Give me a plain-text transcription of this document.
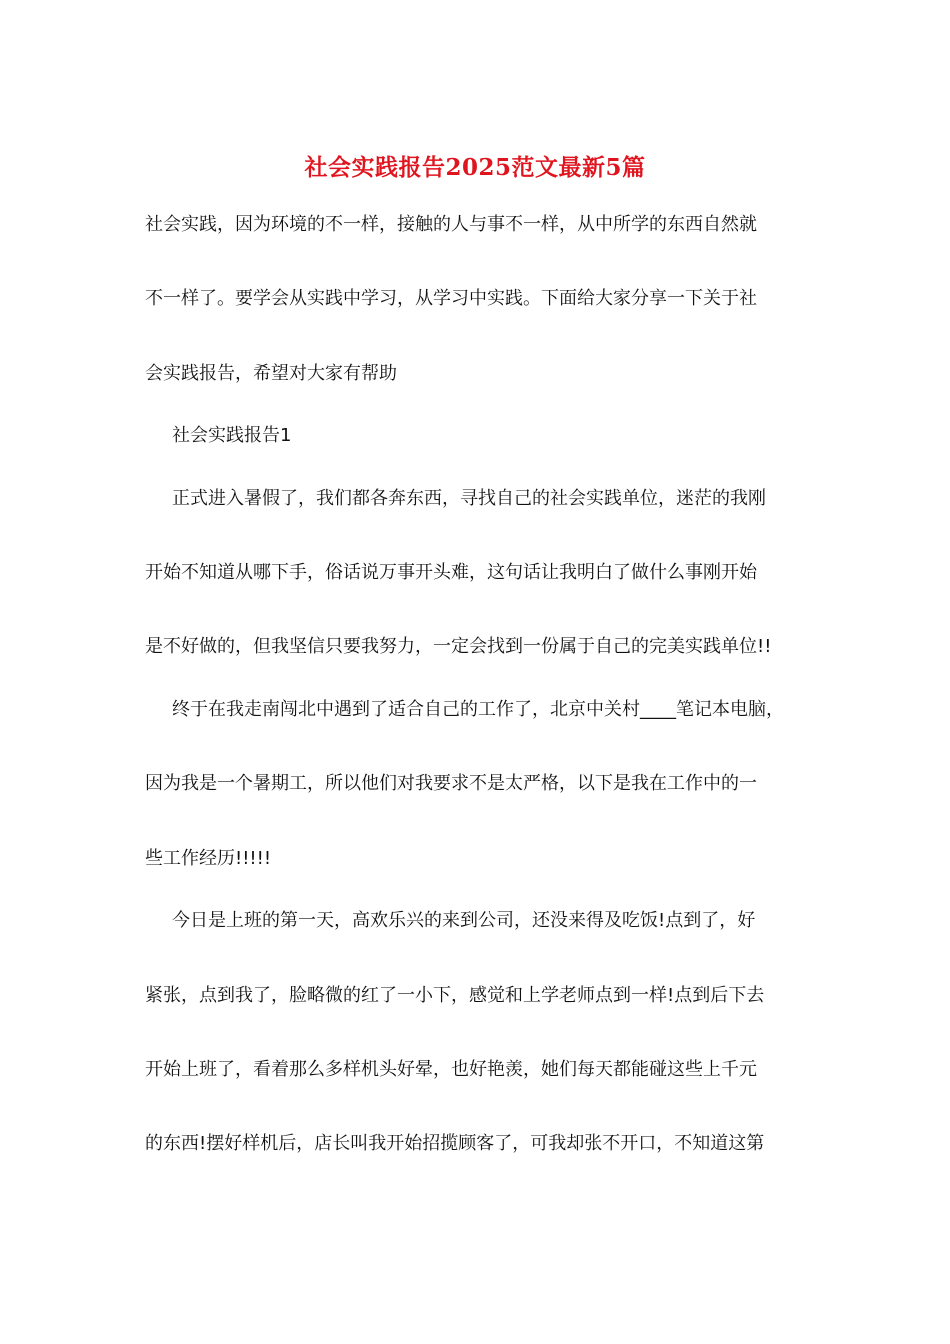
社会实践报告2025范文最新5篇
社会实践，因为环境的不一样，接触的人与事不一样，从中所学的东西自然就
不一样了。要学会从实践中学习，从学习中实践。下面给大家分享一下关于社
会实践报告，希望对大家有帮助
社会实践报告1
正式进入暑假了，我们都各奔东西，寻找自己的社会实践单位，迷茫的我刚
开始不知道从哪下手，俗话说万事开头难，这句话让我明白了做什么事刚开始
是不好做的，但我坚信只要我努力，一定会找到一份属于自己的完美实践单位!!
终于在我走南闯北中遇到了适合自己的工作了，北京中关村____笔记本电脑，
因为我是一个暑期工，所以他们对我要求不是太严格，以下是我在工作中的一
些工作经历!!!!!
今日是上班的第一天，高欢乐兴的来到公司，还没来得及吃饭!点到了，好
紧张，点到我了，脸略微的红了一小下，感觉和上学老师点到一样!点到后下去
开始上班了，看着那么多样机头好晕，也好艳羡，她们每天都能碰这些上千元
的东西!摆好样机后，店长叫我开始招揽顾客了，可我却张不开口，不知道这第
